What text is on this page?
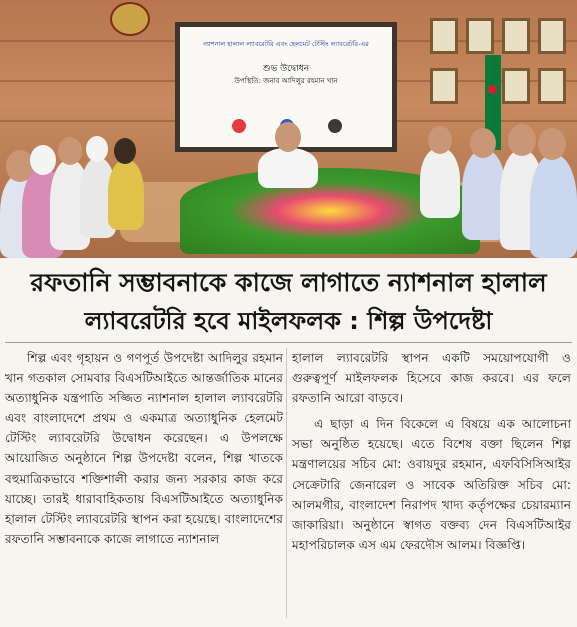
ন্যাশনাল হালাল ল্যাবরেটরি এবং হেলমেট টেস্টিং ল্যাবরেটরি-এর
শুভ উদ্বোধন
উপস্থিতি: জনাব আদিলুর রহমান খান
রফতানি সম্ভাবনাকে কাজে লাগাতে ন্যাশনাল হালাল
ল্যাবরেটরি হবে মাইলফলক : শিল্প উপদেষ্টা

শিল্প এবং গৃহায়ন ও গণপূর্ত উপদেষ্টা আদিলুর রহমান খান গতকাল সোমবার বিএসটিআইতে আন্তর্জাতিক মানের অত্যাধুনিক যন্ত্রপাতি সজ্জিত ন্যাশনাল হালাল ল্যাবরেটরি এবং বাংলাদেশে প্রথম ও একমাত্র অত্যাধুনিক হেলমেট টেস্টিং ল্যাবরেটরি উদ্বোধন করেছেন। এ উপলক্ষে আয়োজিত অনুষ্ঠানে শিল্প উপদেষ্টা বলেন, শিল্প খাতকে বহুমাত্রিকভাবে শক্তিশালী করার জন্য সরকার কাজ করে যাচ্ছে। তারই ধারাবাহিকতায় বিএসটিআইতে অত্যাধুনিক হালাল টেস্টিং ল্যাবরেটরি স্থাপন করা হয়েছে। বাংলাদেশের রফতানি সম্ভাবনাকে কাজে লাগাতে ন্যাশনাল

হালাল ল্যাবরেটরি স্থাপন একটি সময়োপযোগী ও গুরুত্বপূর্ণ মাইলফলক হিসেবে কাজ করবে। এর ফলে রফতানি আরো বাড়বে।

এ ছাড়া এ দিন বিকেলে এ বিষয়ে এক আলোচনা সভা অনুষ্ঠিত হয়েছে। এতে বিশেষ বক্তা ছিলেন শিল্প মন্ত্রণালয়ের সচিব মো: ওবায়দুর রহমান, এফবিসিসিআইর সেক্রেটারি জেনারেল ও সাবেক অতিরিক্ত সচিব মো: আলমগীর, বাংলাদেশ নিরাপদ খাদ্য কর্তৃপক্ষের চেয়ারম্যান জাকারিয়া। অনুষ্ঠানে স্বাগত বক্তব্য দেন বিএসটিআইর মহাপরিচালক এস এম ফেরদৌস আলম। বিজ্ঞপ্তি।
